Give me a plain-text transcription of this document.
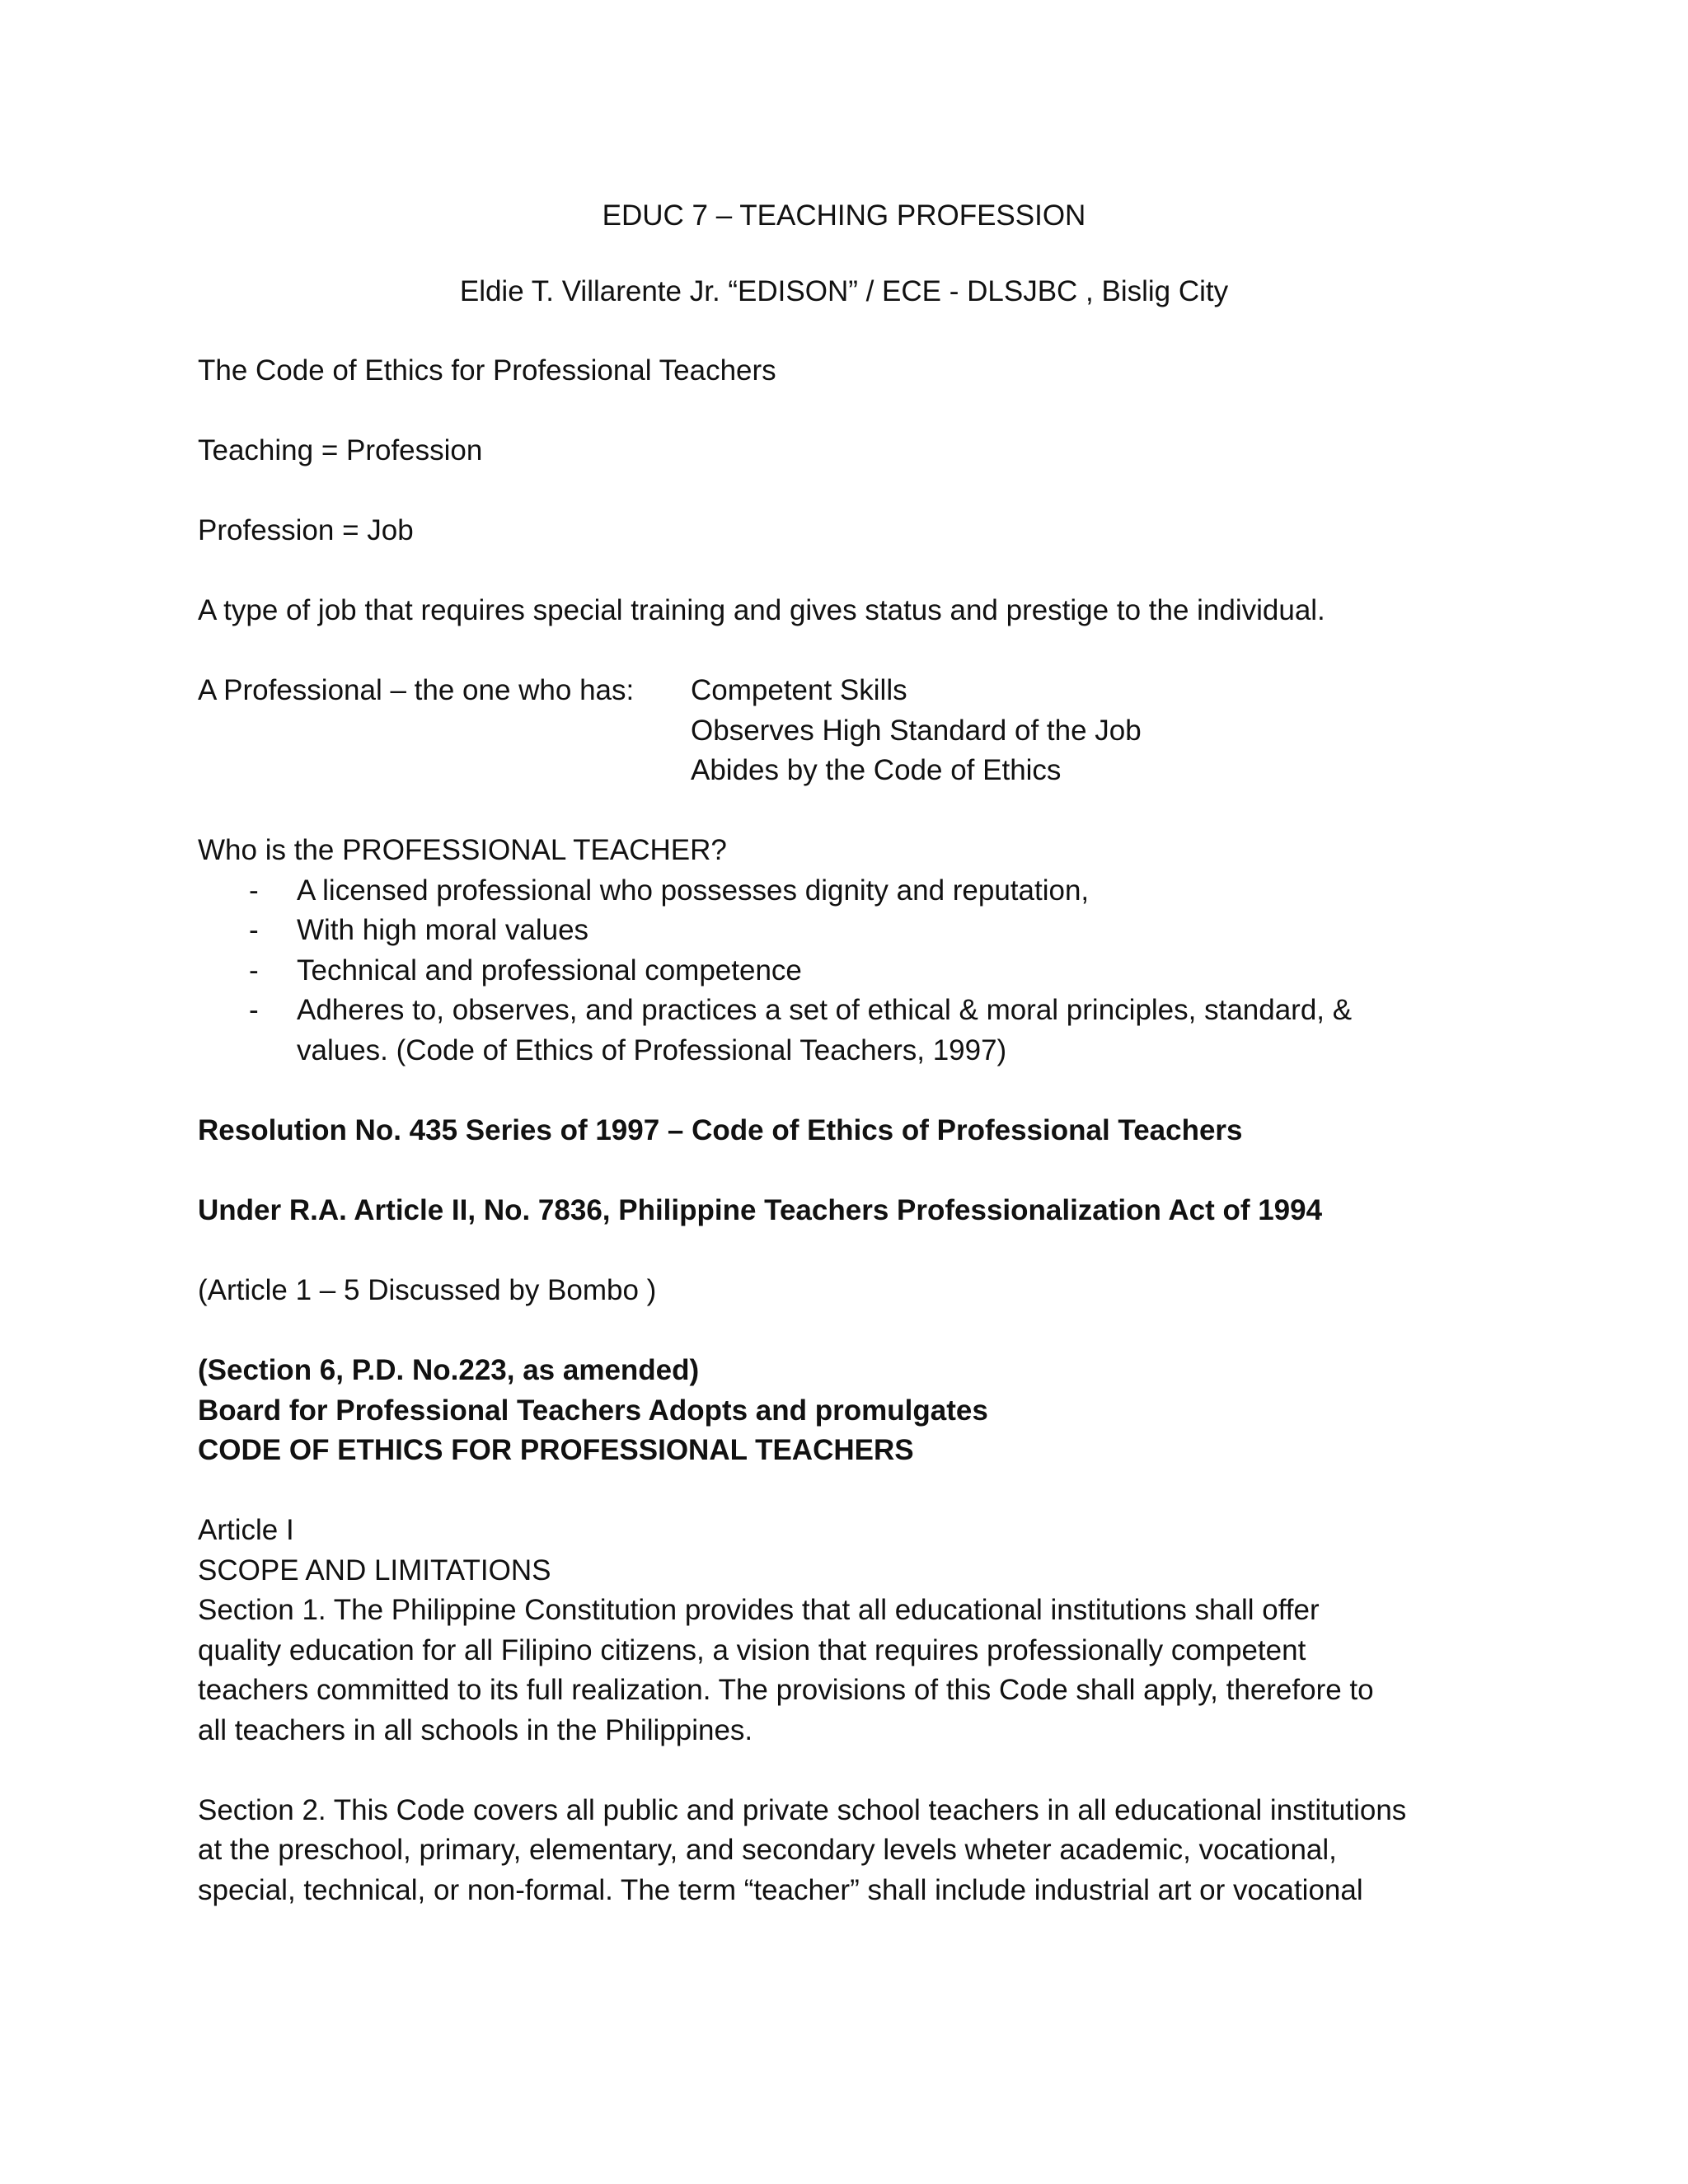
EDUC 7 – TEACHING PROFESSION
Eldie T. Villarente Jr. “EDISON” / ECE - DLSJBC , Bislig City
The Code of Ethics for Professional Teachers
Teaching = Profession
Profession = Job
A type of job that requires special training and gives status and prestige to the individual.
A Professional – the one who has: Competent Skills
Observes High Standard of the Job
Abides by the Code of Ethics
Who is the PROFESSIONAL TEACHER?
- A licensed professional who possesses dignity and reputation,
- With high moral values
- Technical and professional competence
- Adheres to, observes, and practices a set of ethical & moral principles, standard, &
values. (Code of Ethics of Professional Teachers, 1997)
Resolution No. 435 Series of 1997 – Code of Ethics of Professional Teachers
Under R.A. Article II, No. 7836, Philippine Teachers Professionalization Act of 1994
(Article 1 – 5 Discussed by Bombo )
(Section 6, P.D. No.223, as amended)
Board for Professional Teachers Adopts and promulgates
CODE OF ETHICS FOR PROFESSIONAL TEACHERS
Article I
SCOPE AND LIMITATIONS
Section 1. The Philippine Constitution provides that all educational institutions shall offer
quality education for all Filipino citizens, a vision that requires professionally competent
teachers committed to its full realization. The provisions of this Code shall apply, therefore to
all teachers in all schools in the Philippines.
Section 2. This Code covers all public and private school teachers in all educational institutions
at the preschool, primary, elementary, and secondary levels wheter academic, vocational,
special, technical, or non-formal. The term “teacher” shall include industrial art or vocational
